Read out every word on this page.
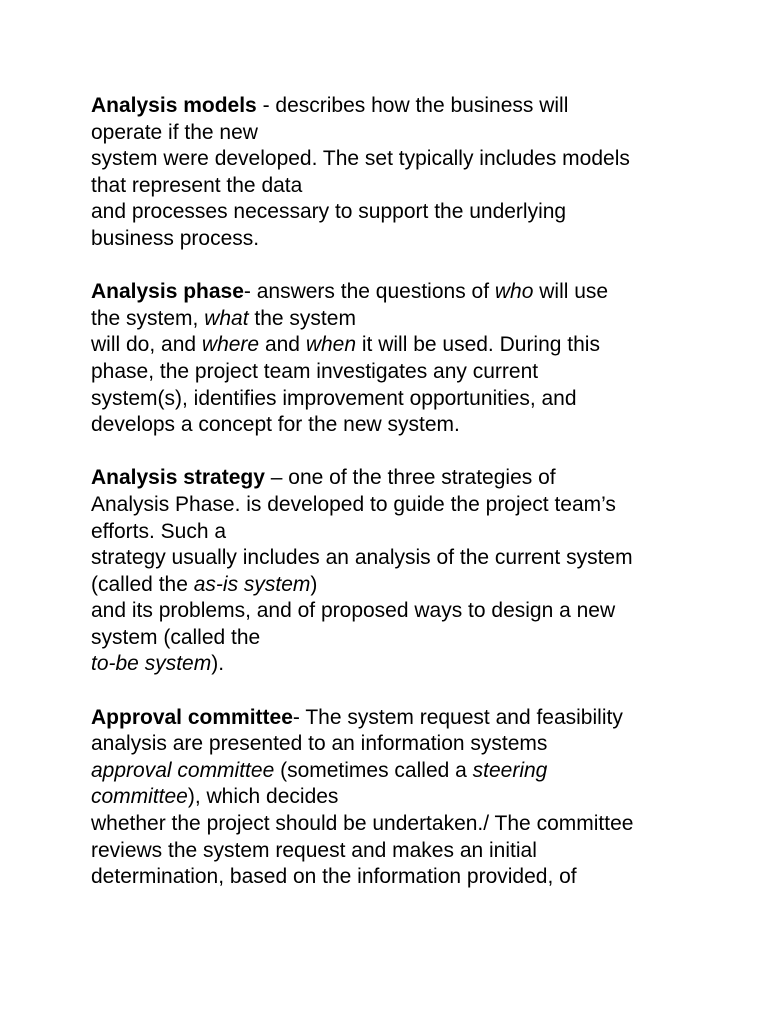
Analysis models - describes how the business will
operate if the new
system were developed. The set typically includes models
that represent the data
and processes necessary to support the underlying
business process.
Analysis phase- answers the questions of who will use
the system, what the system
will do, and where and when it will be used. During this
phase, the project team investigates any current
system(s), identifies improvement opportunities, and
develops a concept for the new system.
Analysis strategy – one of the three strategies of
Analysis Phase. is developed to guide the project team’s
efforts. Such a
strategy usually includes an analysis of the current system
(called the as-is system)
and its problems, and of proposed ways to design a new
system (called the
to-be system).
Approval committee- The system request and feasibility
analysis are presented to an information systems
approval committee (sometimes called a steering
committee), which decides
whether the project should be undertaken./ The committee
reviews the system request and makes an initial
determination, based on the information provided, of
